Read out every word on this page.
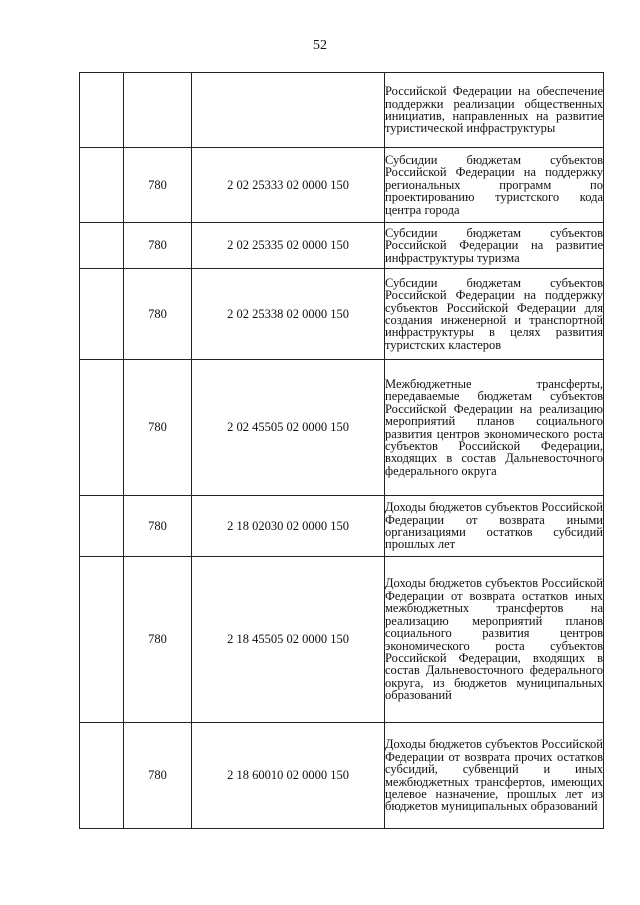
52
			Российской Федерации на обеспечение поддержки реализации общественных инициатив, направленных на развитие туристической инфраструктуры
	780	2 02 25333 02 0000 150	Субсидии бюджетам субъектов Российской Федерации на поддержку региональных программ по проектированию туристского кода центра города
	780	2 02 25335 02 0000 150	Субсидии бюджетам субъектов Российской Федерации на развитие инфраструктуры туризма
	780	2 02 25338 02 0000 150	Субсидии бюджетам субъектов Российской Федерации на поддержку субъектов Российской Федерации для создания инженерной и транспортной инфраструктуры в целях развития туристских кластеров
	780	2 02 45505 02 0000 150	Межбюджетные трансферты, передаваемые бюджетам субъектов Российской Федерации на реализацию мероприятий планов социального развития центров экономического роста субъектов Российской Федерации, входящих в состав Дальневосточного федерального округа
	780	2 18 02030 02 0000 150	Доходы бюджетов субъектов Российской Федерации от возврата иными организациями остатков субсидий прошлых лет
	780	2 18 45505 02 0000 150	Доходы бюджетов субъектов Российской Федерации от возврата остатков иных межбюджетных трансфертов на реализацию мероприятий планов социального развития центров экономического роста субъектов Российской Федерации, входящих в состав Дальневосточного федерального округа, из бюджетов муниципальных образований
	780	2 18 60010 02 0000 150	Доходы бюджетов субъектов Российской Федерации от возврата прочих остатков субсидий, субвенций и иных межбюджетных трансфертов, имеющих целевое назначение, прошлых лет из бюджетов муниципальных образований
